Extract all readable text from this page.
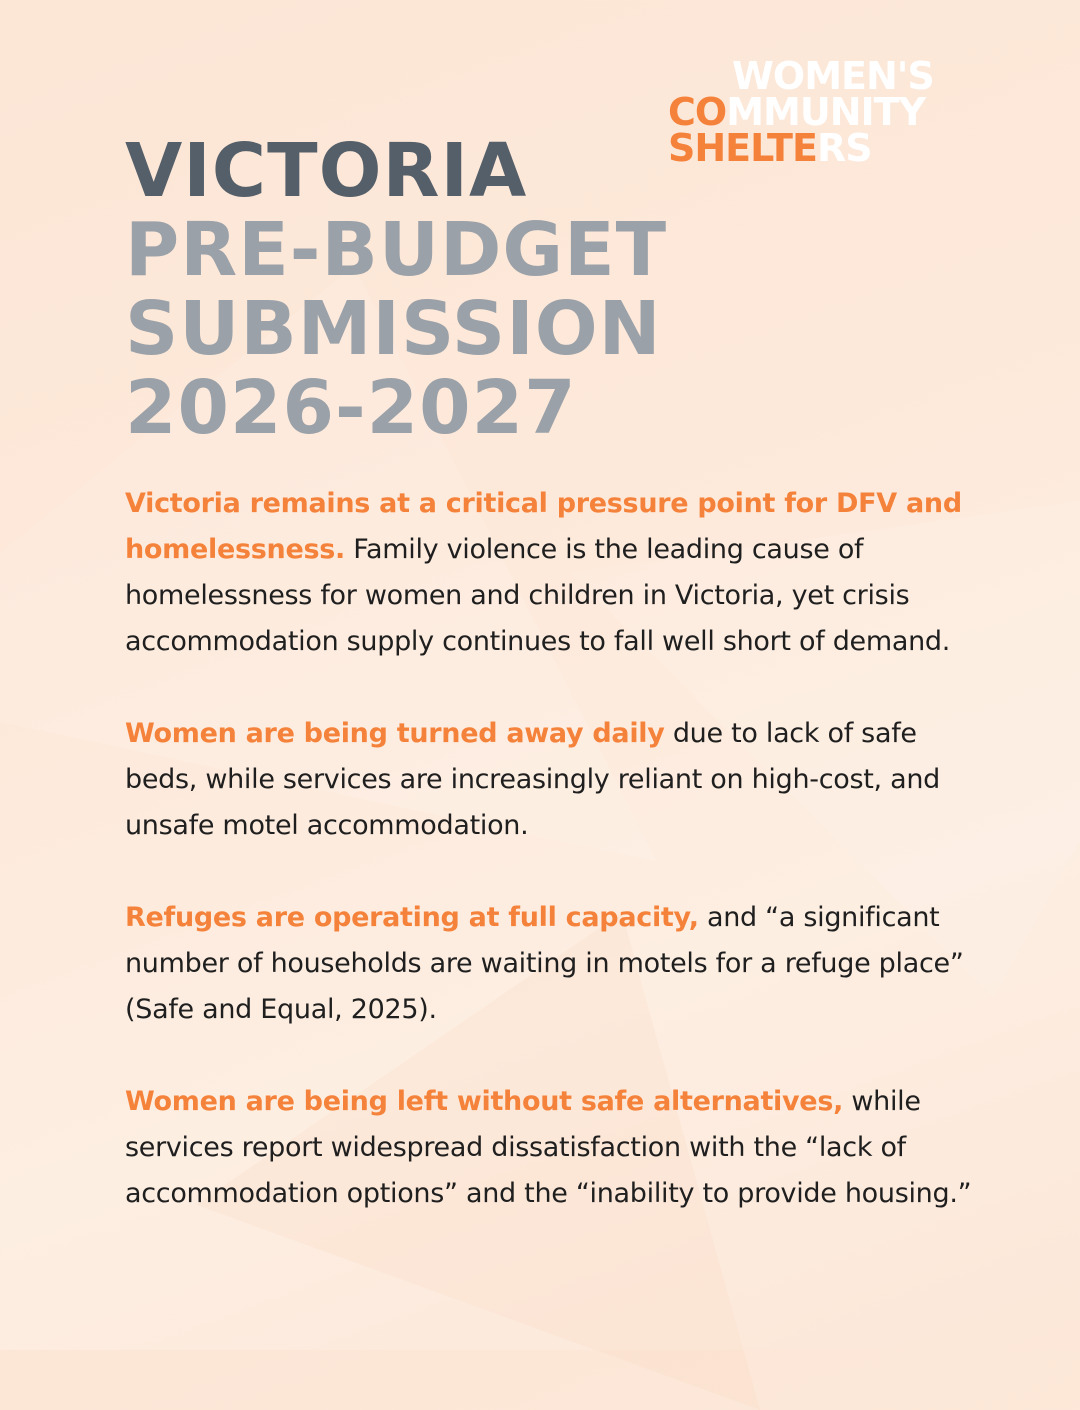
WOMEN'S
COMMUNITY
SHELTERS
VICTORIA
PRE-BUDGET
SUBMISSION
2026-2027

Victoria remains at a critical pressure point for DFV and homelessness. Family violence is the leading cause of homelessness for women and children in Victoria, yet crisis accommodation supply continues to fall well short of demand.

Women are being turned away daily due to lack of safe beds, while services are increasingly reliant on high-cost, and unsafe motel accommodation.

Refuges are operating at full capacity, and “a significant number of households are waiting in motels for a refuge place” (Safe and Equal, 2025).

Women are being left without safe alternatives, while services report widespread dissatisfaction with the “lack of accommodation options” and the “inability to provide housing.”
